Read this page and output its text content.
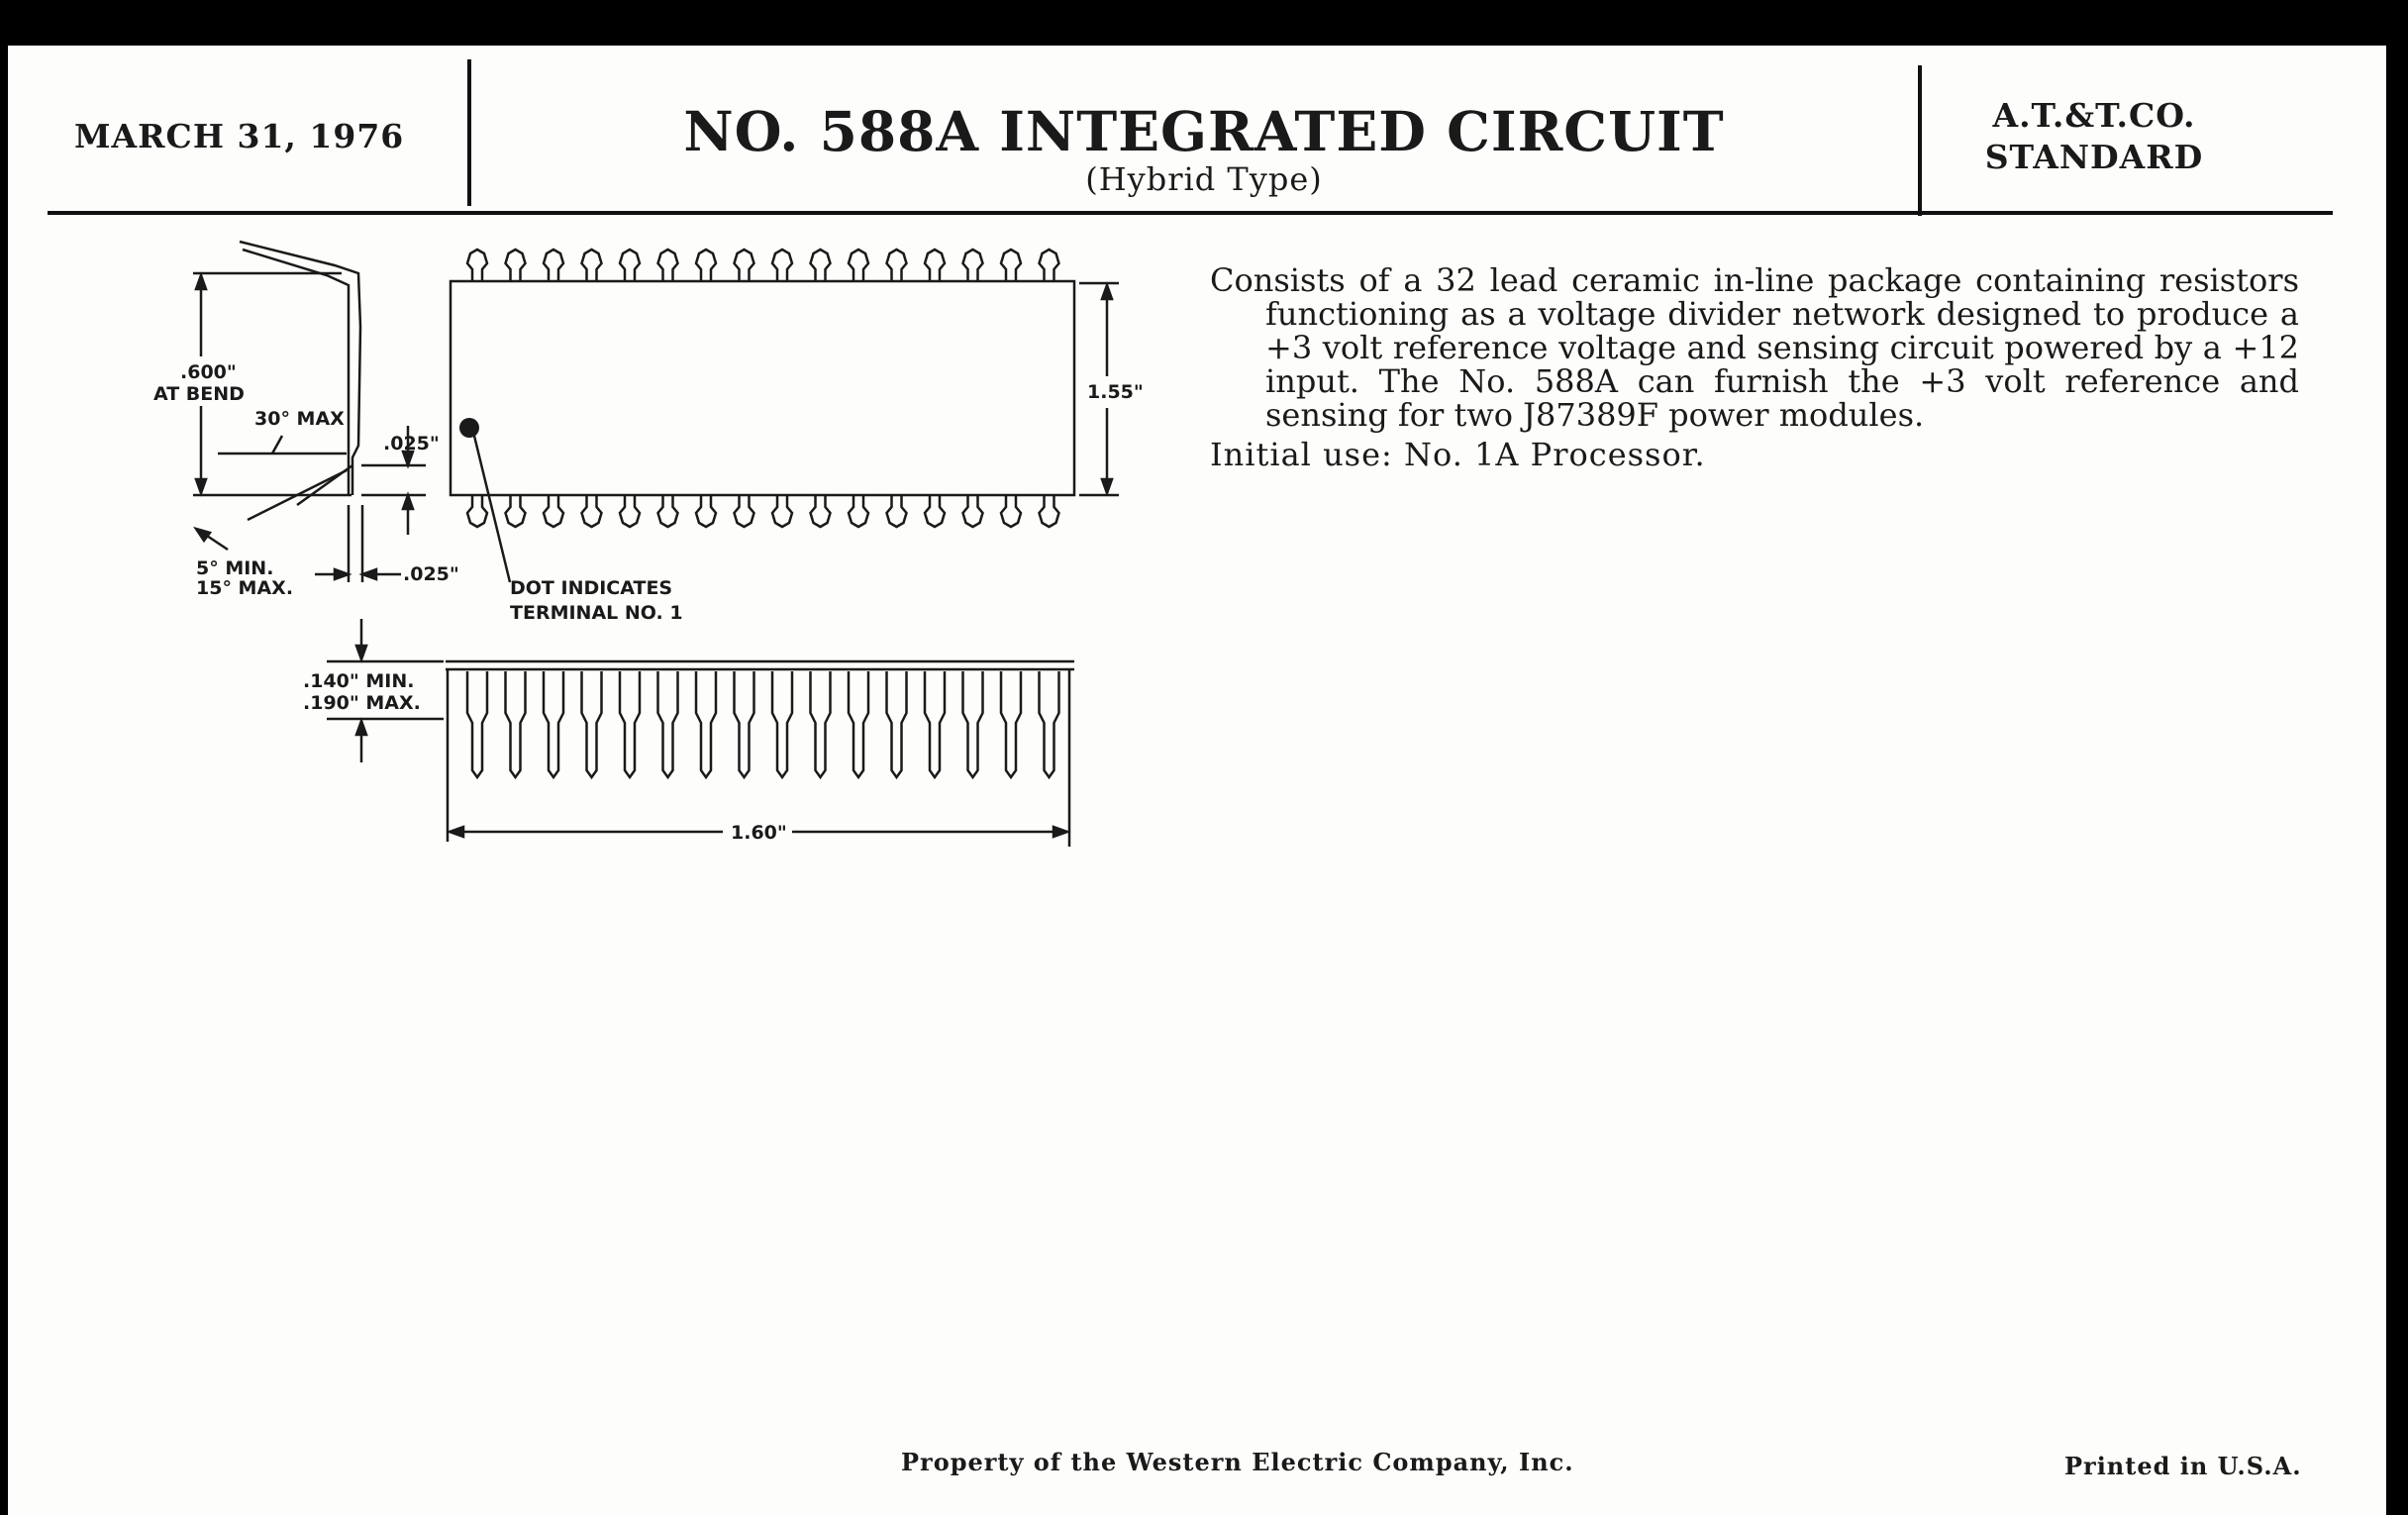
MARCH 31, 1976	NO. 588A INTEGRATED CIRCUIT
(Hybrid Type)
A.T.&T.CO.
STANDARD
.600"
AT BEND
30° MAX
.025"
5° MIN.
15° MAX.
.025"
1.55"
DOT INDICATES
TERMINAL NO. 1
.140" MIN.
.190" MAX.
1.60"

Consists of a 32 lead ceramic in-line package containing resistors functioning as a voltage divider network designed to produce a +3 volt reference voltage and sensing circuit powered by a +12 input. The No. 588A can furnish the +3 volt reference and sensing for two J87389F power modules.

Initial use: No. 1A Processor.
Property of the Western Electric Company, Inc.	Printed in U.S.A.
